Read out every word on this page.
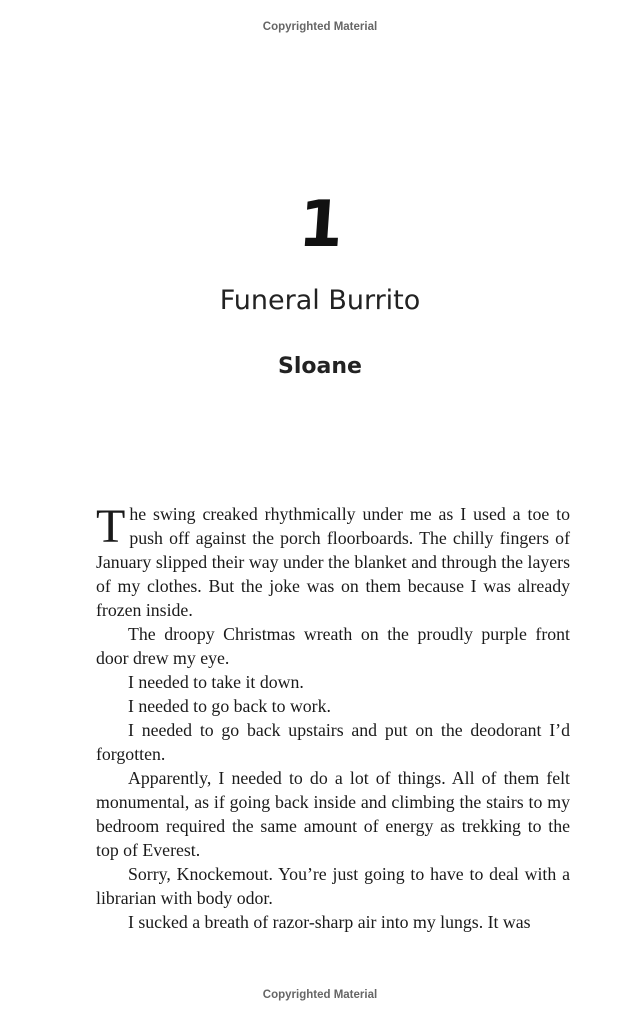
Copyrighted Material
1
Funeral Burrito
Sloane

The swing creaked rhythmically under me as I used a toe to push off against the porch floorboards. The chilly fingers of January slipped their way under the blanket and through the layers of my clothes. But the joke was on them because I was already frozen inside.

The droopy Christmas wreath on the proudly purple front door drew my eye.

I needed to take it down.

I needed to go back to work.

I needed to go back upstairs and put on the deodorant I’d forgotten.

Apparently, I needed to do a lot of things. All of them felt monumental, as if going back inside and climbing the stairs to my bedroom required the same amount of energy as trekking to the top of Everest.

Sorry, Knockemout. You’re just going to have to deal with a librarian with body odor.

I sucked a breath of razor-sharp air into my lungs. It was

Copyrighted Material
